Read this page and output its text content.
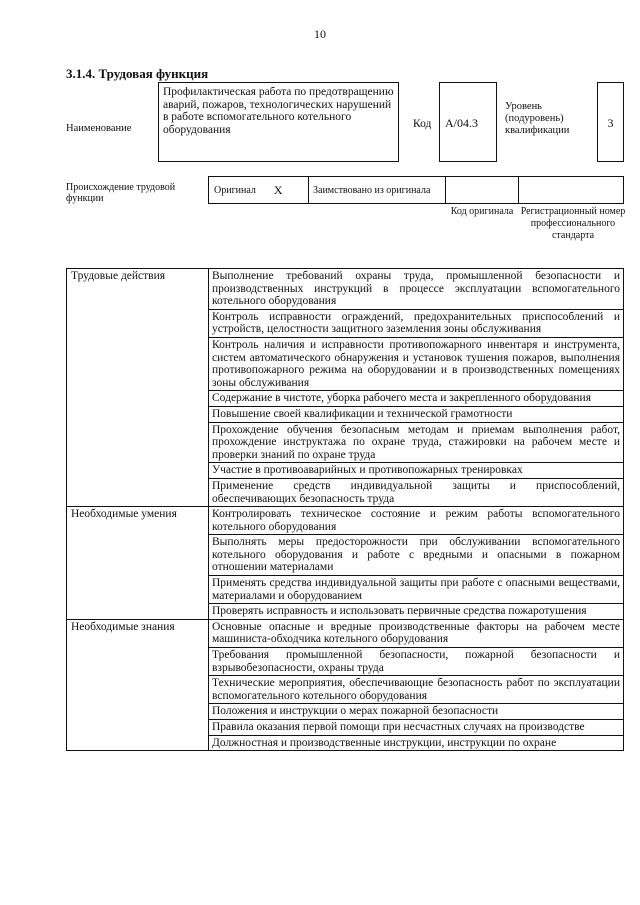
10
3.1.4. Трудовая функция
Наименование
Профилактическая работа по предотвращению аварий, пожаров, технологических нарушений в работе вспомогательного котельного оборудования	Код	А/04.3
Уровень (подуровень) квалификации
3
Происхождение трудовой функции
Оригинал X	Заимствовано из оригинала
Код оригинала Регистрационный номер профессионального стандарта
Трудовые действия	Выполнение требований охраны труда, промышленной безопасности и производственных инструкций в процессе эксплуатации вспомогательного котельного оборудования
	Контроль исправности ограждений, предохранительных приспособлений и устройств, целостности защитного заземления зоны обслуживания
	Контроль наличия и исправности противопожарного инвентаря и инструмента, систем автоматического обнаружения и установок тушения пожаров, выполнения противопожарного режима на оборудовании и в производственных помещениях зоны обслуживания
	Содержание в чистоте, уборка рабочего места и закрепленного оборудования
	Повышение своей квалификации и технической грамотности
	Прохождение обучения безопасным методам и приемам выполнения работ, прохождение инструктажа по охране труда, стажировки на рабочем месте и проверки знаний по охране труда
	Участие в противоаварийных и противопожарных тренировках
	Применение средств индивидуальной защиты и приспособлений, обеспечивающих безопасность труда
Необходимые умения	Контролировать техническое состояние и режим работы вспомогательного котельного оборудования
	Выполнять меры предосторожности при обслуживании вспомогательного котельного оборудования и работе с вредными и опасными в пожарном отношении материалами
	Применять средства индивидуальной защиты при работе с опасными веществами, материалами и оборудованием
	Проверять исправность и использовать первичные средства пожаротушения
Необходимые знания	Основные опасные и вредные производственные факторы на рабочем месте машиниста-обходчика котельного оборудования
	Требования промышленной безопасности, пожарной безопасности и взрывобезопасности, охраны труда
	Технические мероприятия, обеспечивающие безопасность работ по эксплуатации вспомогательного котельного оборудования
	Положения и инструкции о мерах пожарной безопасности
	Правила оказания первой помощи при несчастных случаях на производстве
	Должностная и производственные инструкции, инструкции по охране
